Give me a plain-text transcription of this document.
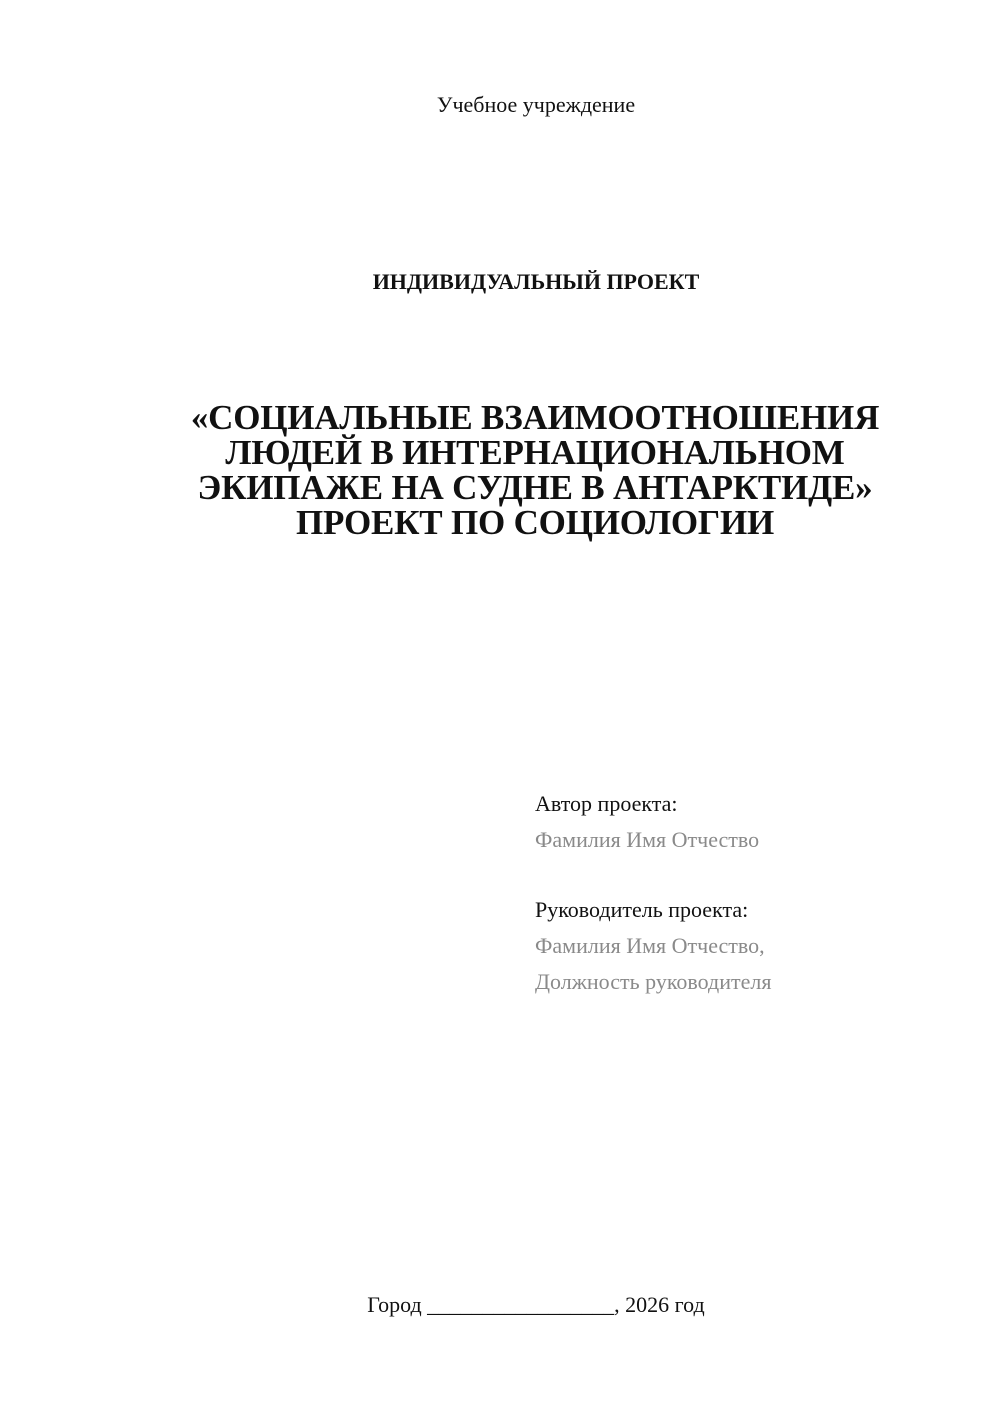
Учебное учреждение
ИНДИВИДУАЛЬНЫЙ ПРОЕКТ
«СОЦИАЛЬНЫЕ ВЗАИМООТНОШЕНИЯ
ЛЮДЕЙ В ИНТЕРНАЦИОНАЛЬНОМ
ЭКИПАЖЕ НА СУДНЕ В АНТАРКТИДЕ»
ПРОЕКТ ПО СОЦИОЛОГИИ
Автор проекта:
Фамилия Имя Отчество
Руководитель проекта:
Фамилия Имя Отчество,
Должность руководителя
Город _________________, 2026 год
